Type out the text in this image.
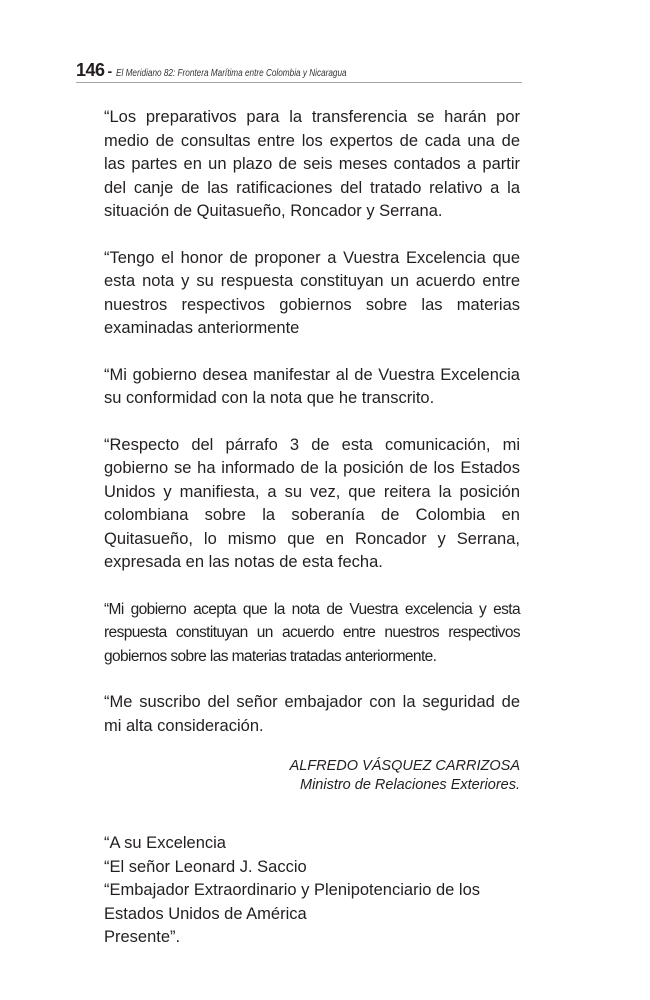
146 - El Meridiano 82: Frontera Marítima entre Colombia y Nicaragua

“Los preparativos para la transferencia se harán por medio de consultas entre los expertos de cada una de las partes en un plazo de seis meses contados a partir del canje de las ratificaciones del tratado relativo a la situación de Quitasueño, Roncador y Serrana.

“Tengo el honor de proponer a Vuestra Excelencia que esta nota y su respuesta constituyan un acuerdo entre nuestros respectivos gobiernos sobre las materias examinadas anteriormente

“Mi gobierno desea manifestar al de Vuestra Excelencia su conformidad con la nota que he transcrito.

“Respecto del párrafo 3 de esta comunicación, mi gobierno se ha informado de la posición de los Estados Unidos y manifiesta, a su vez, que reitera la posición colombiana sobre la soberanía de Colombia en Quitasueño, lo mismo que en Roncador y Serrana, expresada en las notas de esta fecha.

“Mi gobierno acepta que la nota de Vuestra excelencia y esta respuesta constituyan un acuerdo entre nuestros respectivos gobiernos sobre las materias tratadas anteriormente.

“Me suscribo del señor embajador con la seguridad de mi alta consideración.

ALFREDO VÁSQUEZ CARRIZOSA
Ministro de Relaciones Exteriores.
“A su Excelencia
“El señor Leonard J. Saccio
“Embajador Extraordinario y Plenipotenciario de los
Estados Unidos de América
Presente”.
